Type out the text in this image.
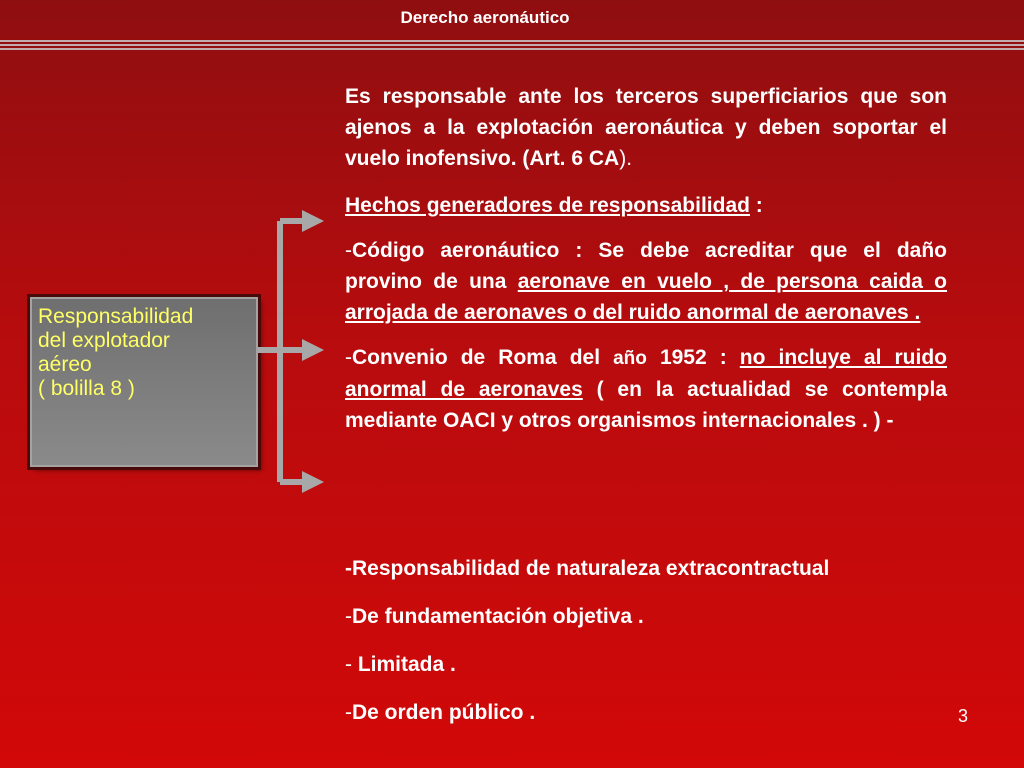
Derecho aeronáutico
Responsabilidad
del explotador
aéreo
( bolilla 8 )

Es responsable ante los terceros superficiarios que son ajenos a la explotación aeronáutica y deben soportar el vuelo inofensivo. (Art. 6 CA).

Hechos generadores de responsabilidad :

-Código aeronáutico : Se debe acreditar que el daño provino de una aeronave en vuelo , de persona caida o arrojada de aeronaves o del ruido anormal de aeronaves .

-Convenio de Roma del año 1952 : no incluye al ruido anormal de aeronaves ( en la actualidad se contempla mediante OACI y otros organismos internacionales . ) -

-Responsabilidad de naturaleza extracontractual

-De fundamentación objetiva .

- Limitada .

-De orden público .	3
